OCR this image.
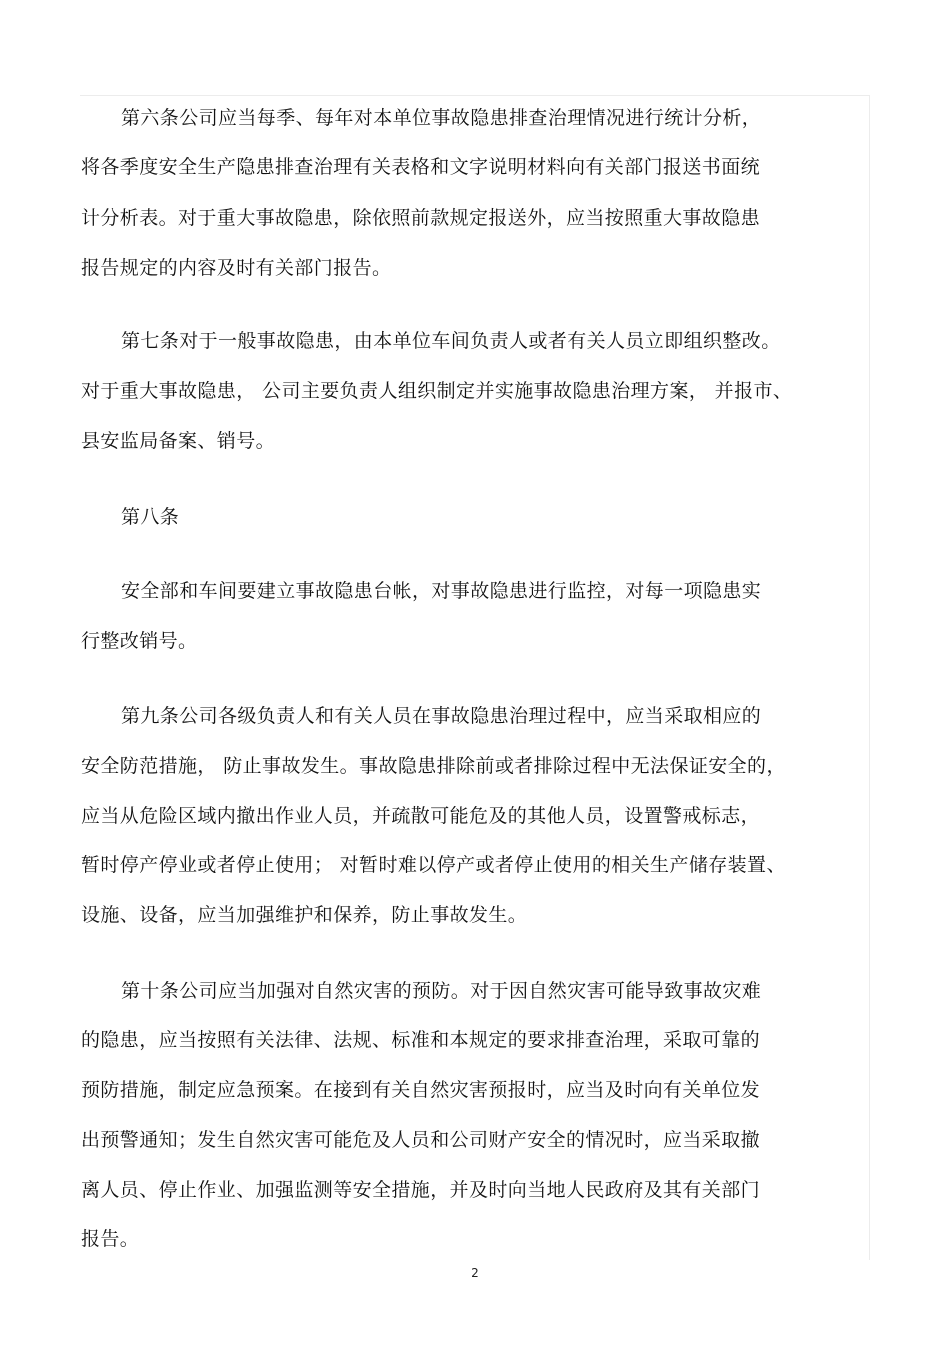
第六条公司应当每季、每年对本单位事故隐患排查治理情况进行统计分析，
将各季度安全生产隐患排查治理有关表格和文字说明材料向有关部门报送书面统
计分析表。对于重大事故隐患，除依照前款规定报送外，应当按照重大事故隐患
报告规定的内容及时有关部门报告。
第七条对于一般事故隐患，由本单位车间负责人或者有关人员立即组织整改。
对于重大事故隐患， 公司主要负责人组织制定并实施事故隐患治理方案， 并报市、
县安监局备案、销号。
第八条
安全部和车间要建立事故隐患台帐，对事故隐患进行监控，对每一项隐患实
行整改销号。
第九条公司各级负责人和有关人员在事故隐患治理过程中，应当采取相应的
安全防范措施， 防止事故发生。事故隐患排除前或者排除过程中无法保证安全的，
应当从危险区域内撤出作业人员，并疏散可能危及的其他人员，设置警戒标志，
暂时停产停业或者停止使用； 对暂时难以停产或者停止使用的相关生产储存装置、
设施、设备，应当加强维护和保养，防止事故发生。
第十条公司应当加强对自然灾害的预防。对于因自然灾害可能导致事故灾难
的隐患，应当按照有关法律、法规、标准和本规定的要求排查治理，采取可靠的
预防措施，制定应急预案。在接到有关自然灾害预报时，应当及时向有关单位发
出预警通知；发生自然灾害可能危及人员和公司财产安全的情况时，应当采取撤
离人员、停止作业、加强监测等安全措施，并及时向当地人民政府及其有关部门
报告。
2
